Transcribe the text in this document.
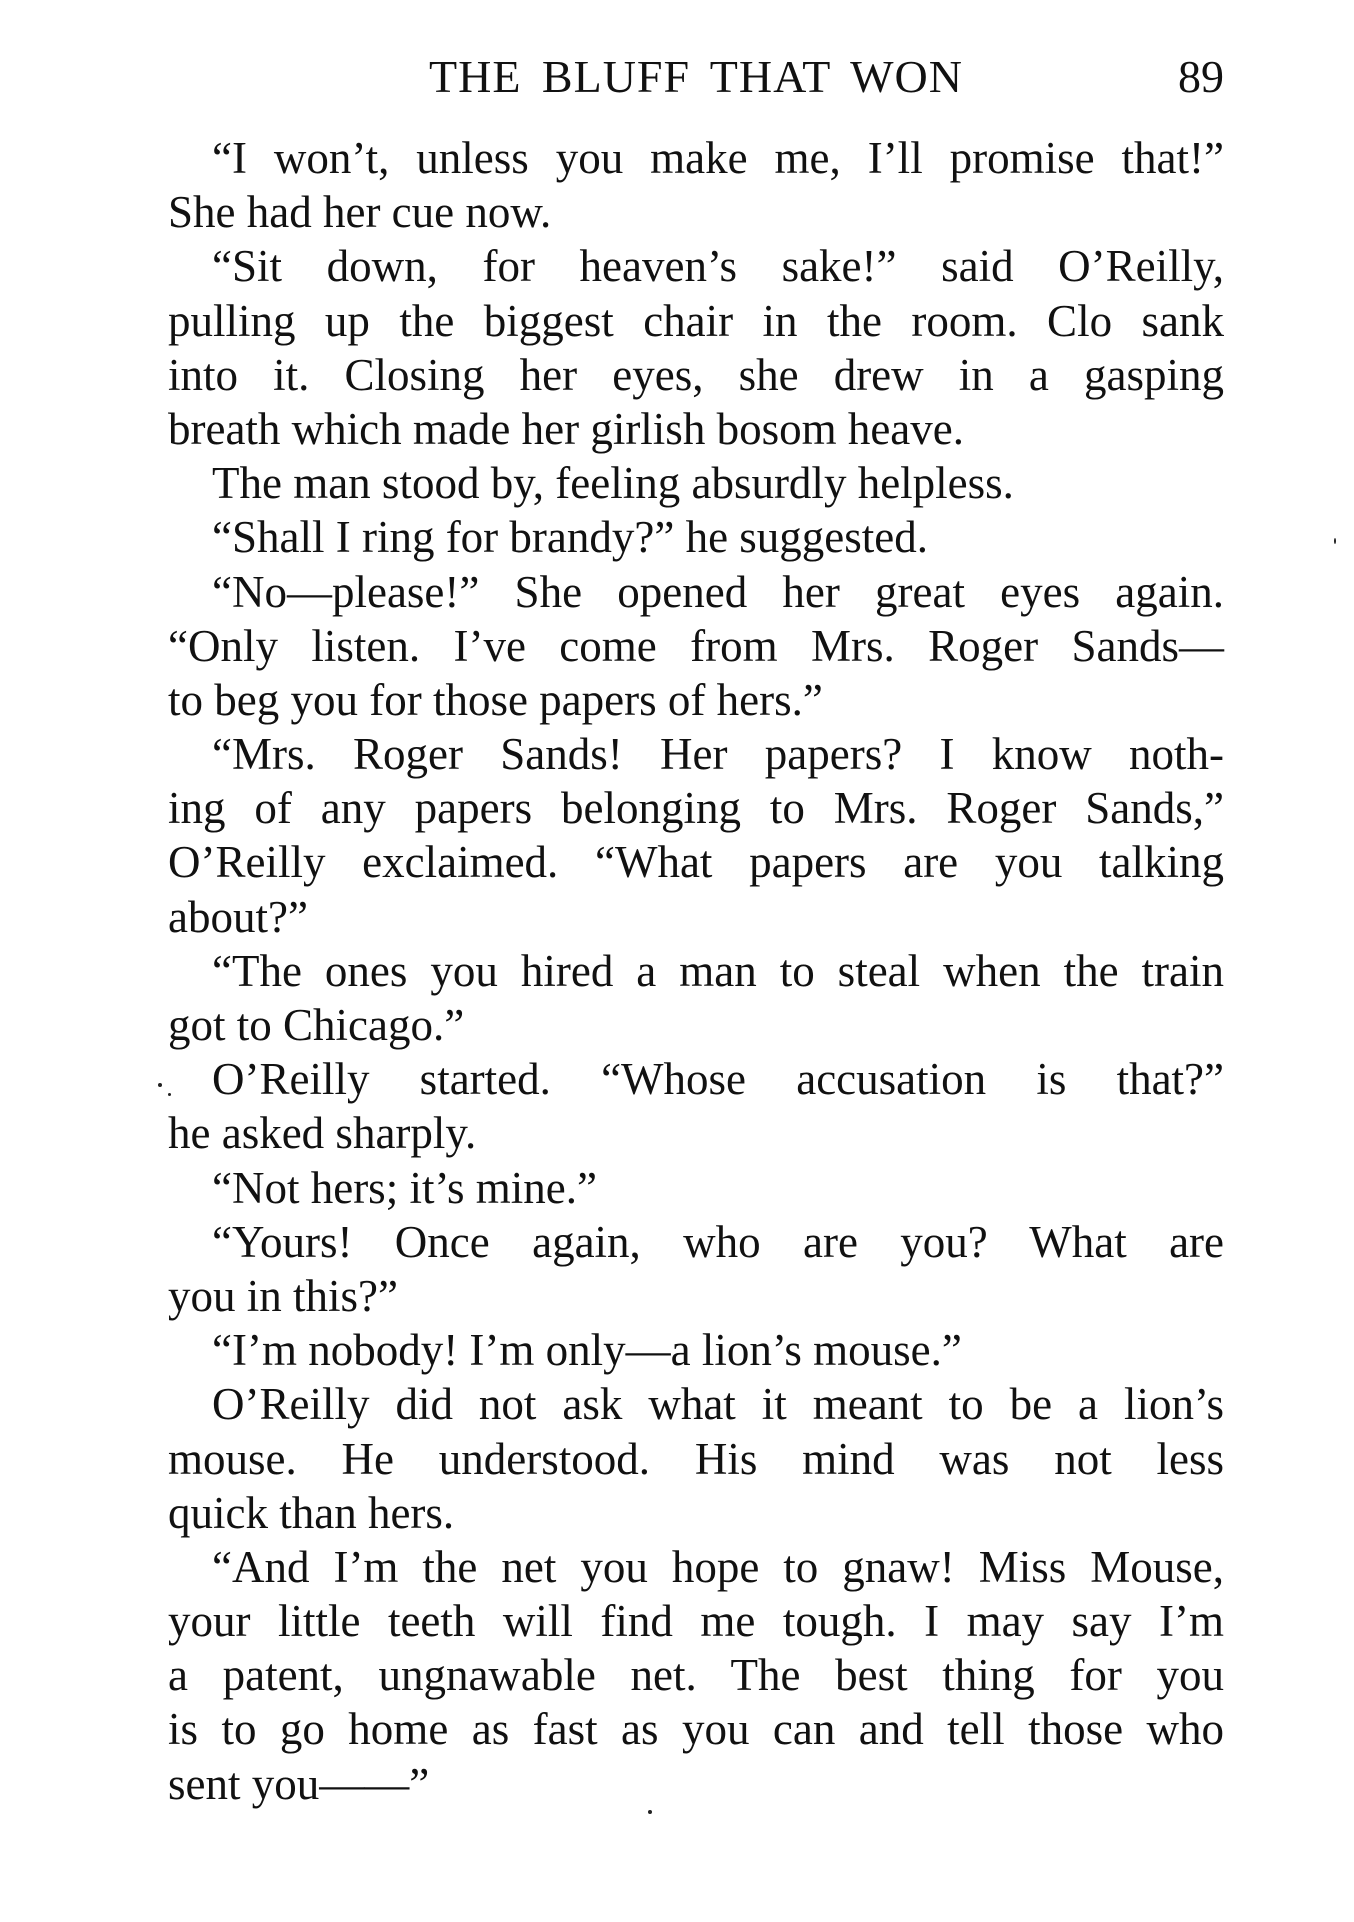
THE BLUFF THAT WON	89
“I won’t, unless you make me, I’ll promise that!”
She had her cue now.
“Sit down, for heaven’s sake!” said O’Reilly,
pulling up the biggest chair in the room. Clo sank
into it. Closing her eyes, she drew in a gasping
breath which made her girlish bosom heave.
The man stood by, feeling absurdly helpless.
“Shall I ring for brandy?” he suggested.
“No—please!” She opened her great eyes again.
“Only listen. I’ve come from Mrs. Roger Sands—
to beg you for those papers of hers.”
“Mrs. Roger Sands! Her papers? I know noth-
ing of any papers belonging to Mrs. Roger Sands,”
O’Reilly exclaimed. “What papers are you talking
about?”
“The ones you hired a man to steal when the train
got to Chicago.”
O’Reilly started. “Whose accusation is that?”
he asked sharply.
“Not hers; it’s mine.”
“Yours! Once again, who are you? What are
you in this?”
“I’m nobody! I’m only—a lion’s mouse.”
O’Reilly did not ask what it meant to be a lion’s
mouse. He understood. His mind was not less
quick than hers.
“And I’m the net you hope to gnaw! Miss Mouse,
your little teeth will find me tough. I may say I’m
a patent, ungnawable net. The best thing for you
is to go home as fast as you can and tell those who
sent you——”
